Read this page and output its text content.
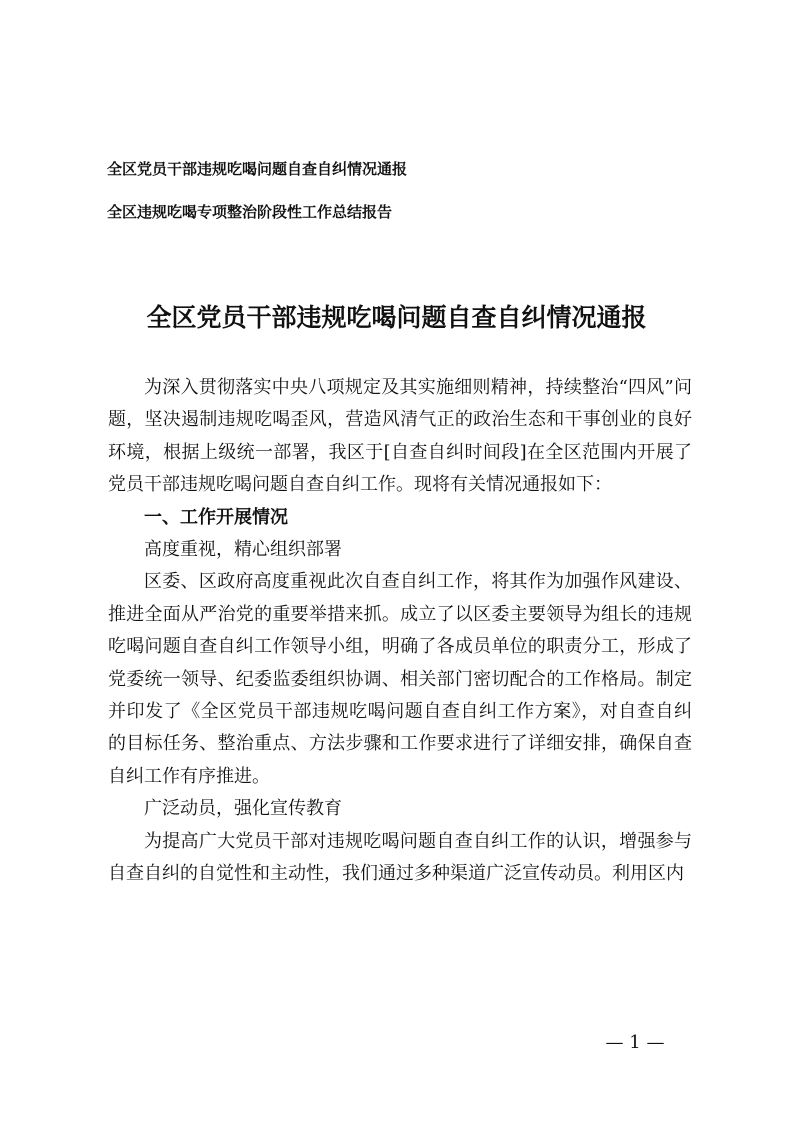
全区党员干部违规吃喝问题自查自纠情况通报
全区违规吃喝专项整治阶段性工作总结报告
全区党员干部违规吃喝问题自查自纠情况通报

为深入贯彻落实中央八项规定及其实施细则精神，持续整治“四风”问题，坚决遏制违规吃喝歪风，营造风清气正的政治生态和干事创业的良好环境，根据上级统一部署，我区于[自查自纠时间段]在全区范围内开展了党员干部违规吃喝问题自查自纠工作。现将有关情况通报如下：

一、工作开展情况

高度重视，精心组织部署

区委、区政府高度重视此次自查自纠工作，将其作为加强作风建设、推进全面从严治党的重要举措来抓。成立了以区委主要领导为组长的违规吃喝问题自查自纠工作领导小组，明确了各成员单位的职责分工，形成了党委统一领导、纪委监委组织协调、相关部门密切配合的工作格局。制定并印发了《全区党员干部违规吃喝问题自查自纠工作方案》，对自查自纠的目标任务、整治重点、方法步骤和工作要求进行了详细安排，确保自查自纠工作有序推进。

广泛动员，强化宣传教育

为提高广大党员干部对违规吃喝问题自查自纠工作的认识，增强参与自查自纠的自觉性和主动性，我们通过多种渠道广泛宣传动员。利用区内

— 1 —
